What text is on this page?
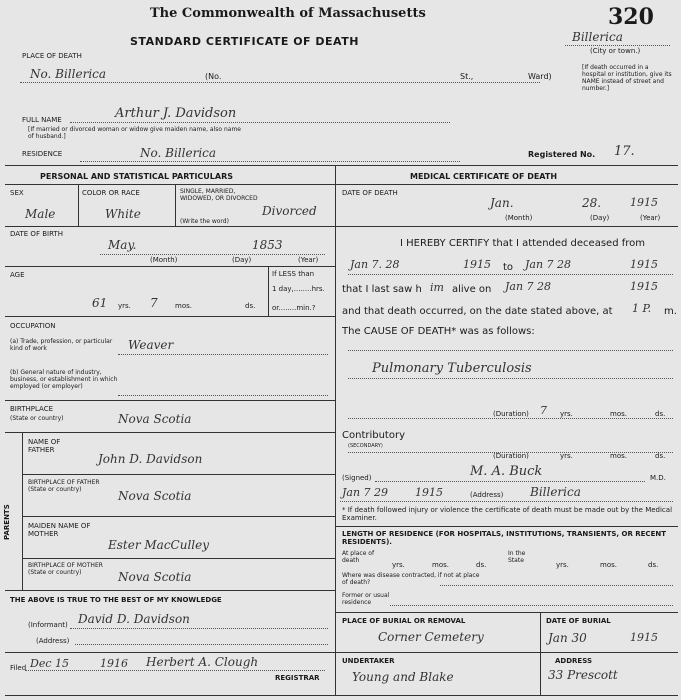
The Commonwealth of Massachusetts
STANDARD CERTIFICATE OF DEATH
320
Billerica
(City or town.)
PLACE OF DEATH
No. Billerica	(No.	St.,	Ward)
[If death occurred in a hospital or institution, give its NAME instead of street and number.]
FULL NAME	Arthur J. Davidson
[If married or divorced woman or widow give maiden name, also name of husband.]
RESIDENCE	No. Billerica	Registered No. 17.
PERSONAL AND STATISTICAL PARTICULARS
SEX
Male
COLOR OR RACE
White
SINGLE, MARRIED, WIDOWED, OR DIVORCED
(Write the word)
Divorced
DATE OF BIRTH
May.	1853
(Month)	(Day)	(Year)
AGE
61 yrs. 7 mos.	ds.
If LESS than
1 day,........hrs.
or........min.?
OCCUPATION
(a) Trade, profession, or particular kind of work	Weaver
(b) General nature of industry, business, or establishment in which employed (or employer)
BIRTHPLACE
(State or country)	Nova Scotia
PARENTS
NAME OF FATHER
John D. Davidson
BIRTHPLACE OF FATHER (State or country)	Nova Scotia
MAIDEN NAME OF MOTHER
Ester MacCulley
BIRTHPLACE OF MOTHER (State or country)	Nova Scotia
THE ABOVE IS TRUE TO THE BEST OF MY KNOWLEDGE
(Informant) David D. Davidson
(Address)
Filed Dec 15	1916 Herbert A. Clough
REGISTRAR
MEDICAL CERTIFICATE OF DEATH
DATE OF DEATH
Jan.	28.	1915
(Month)	(Day)	(Year)
I HEREBY CERTIFY that I attended deceased from
Jan 7. 28	1915 to Jan 7 28	1915
that I last saw h im alive on Jan 7 28	1915
and that death occurred, on the date stated above, at 1 P. m.
The CAUSE OF DEATH* was as follows:
Pulmonary Tuberculosis
(Duration) 7 yrs.	mos.	ds.
Contributory
(SECONDARY)
(Duration)	yrs.	mos.	ds.
(Signed)	M. A. Buck	M.D.
Jan 7 29 1915	(Address) Billerica
* If death followed injury or violence the certificate of death must be made out by the Medical Examiner.
LENGTH OF RESIDENCE (FOR HOSPITALS, INSTITUTIONS, TRANSIENTS, OR RECENT RESIDENTS).
At place of death
yrs.	mos.	ds.
In the State
yrs.	mos.	ds.
Where was disease contracted, if not at place of death?
Former or usual residence
PLACE OF BURIAL OR REMOVAL
Corner Cemetery
DATE OF BURIAL
Jan 30	1915
UNDERTAKER
Young and Blake
ADDRESS
33 Prescott
